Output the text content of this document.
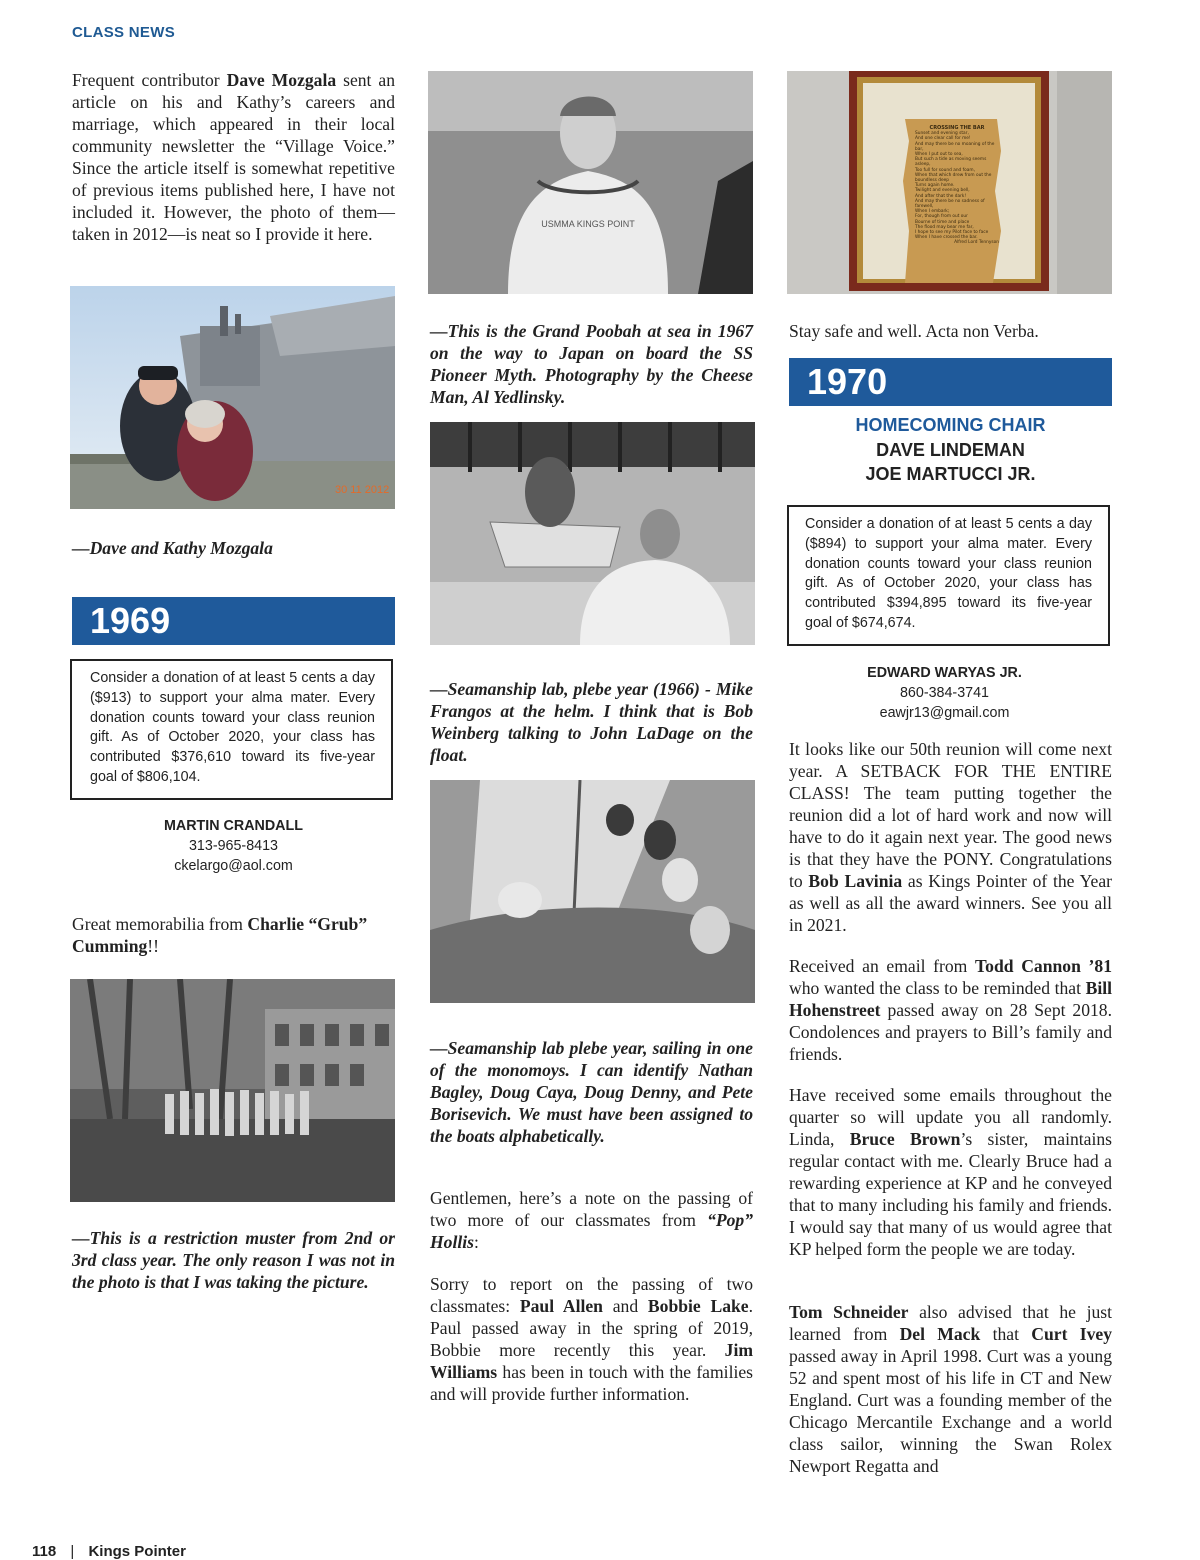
CLASS NEWS

Frequent contributor Dave Mozgala sent an article on his and Kathy’s careers and marriage, which appeared in their local community newsletter the “Village Voice.” Since the article itself is somewhat repetitive of previous items published here, I have not included it. However, the photo of them—taken in 2012—is neat so I provide it here.

30 11 2012

—Dave and Kathy Mozgala

1969
Consider a donation of at least 5 cents a day ($913) to support your alma mater. Every donation counts toward your class reunion gift. As of October 2020, your class has contributed $376,610 toward its five-year goal of $806,104.
MARTIN CRANDALL
313-965-8413
ckelargo@aol.com

Great memorabilia from Charlie “Grub” Cumming!!

—This is a restriction muster from 2nd or 3rd class year. The only reason I was not in the photo is that I was taking the picture.

USMMA KINGS POINT

—This is the Grand Poobah at sea in 1967 on the way to Japan on board the SS Pioneer Myth. Photography by the Cheese Man, Al Yedlinsky.

—Seamanship lab, plebe year (1966) - Mike Frangos at the helm. I think that is Bob Weinberg talking to John LaDage on the float.

—Seamanship lab plebe year, sailing in one of the monomoys. I can identify Nathan Bagley, Doug Caya, Doug Denny, and Pete Borisevich. We must have been assigned to the boats alphabetically.

Gentlemen, here’s a note on the passing of two more of our classmates from “Pop” Hollis:

Sorry to report on the passing of two classmates: Paul Allen and Bobbie Lake. Paul passed away in the spring of 2019, Bobbie more recently this year. Jim Williams has been in touch with the families and will provide further information.

CROSSING THE BAR
Sunset and evening star,
And one clear call for me!
And may there be no moaning of the
bar,
When I put out to sea,
But such a tide as moving seems
asleep,
Too full for sound and foam,
When that which drew from out the
boundless deep
Turns again home.
Twilight and evening bell,
And after that the dark!
And may there be no sadness of
farewell,
When I embark;
For, though from out our
Bourne of time and place
The flood may bear me far,
I hope to see my Pilot face to face
When I have crossed the bar.
Alfred Lord Tennyson

Stay safe and well. Acta non Verba.

1970
HOMECOMING CHAIR
DAVE LINDEMAN
JOE MARTUCCI JR.
Consider a donation of at least 5 cents a day ($894) to support your alma mater. Every donation counts toward your class reunion gift. As of October 2020, your class has contributed $394,895 toward its five-year goal of $674,674.
EDWARD WARYAS JR.
860-384-3741
eawjr13@gmail.com

It looks like our 50th reunion will come next year. A SETBACK FOR THE ENTIRE CLASS! The team putting together the reunion did a lot of hard work and now will have to do it again next year. The good news is that they have the PONY. Congratulations to Bob Lavinia as Kings Pointer of the Year as well as all the award winners. See you all in 2021.

Received an email from Todd Cannon ’81 who wanted the class to be reminded that Bill Hohenstreet passed away on 28 Sept 2018. Condolences and prayers to Bill’s family and friends.

Have received some emails throughout the quarter so will update you all randomly. Linda, Bruce Brown’s sister, maintains regular contact with me. Clearly Bruce had a rewarding experience at KP and he conveyed that to many including his family and friends. I would say that many of us would agree that KP helped form the people we are today.

Tom Schneider also advised that he just learned from Del Mack that Curt Ivey passed away in April 1998. Curt was a young 52 and spent most of his life in CT and New England. Curt was a founding member of the Chicago Mercantile Exchange and a world class sailor, winning the Swan Rolex Newport Regatta and

118 | Kings Pointer
